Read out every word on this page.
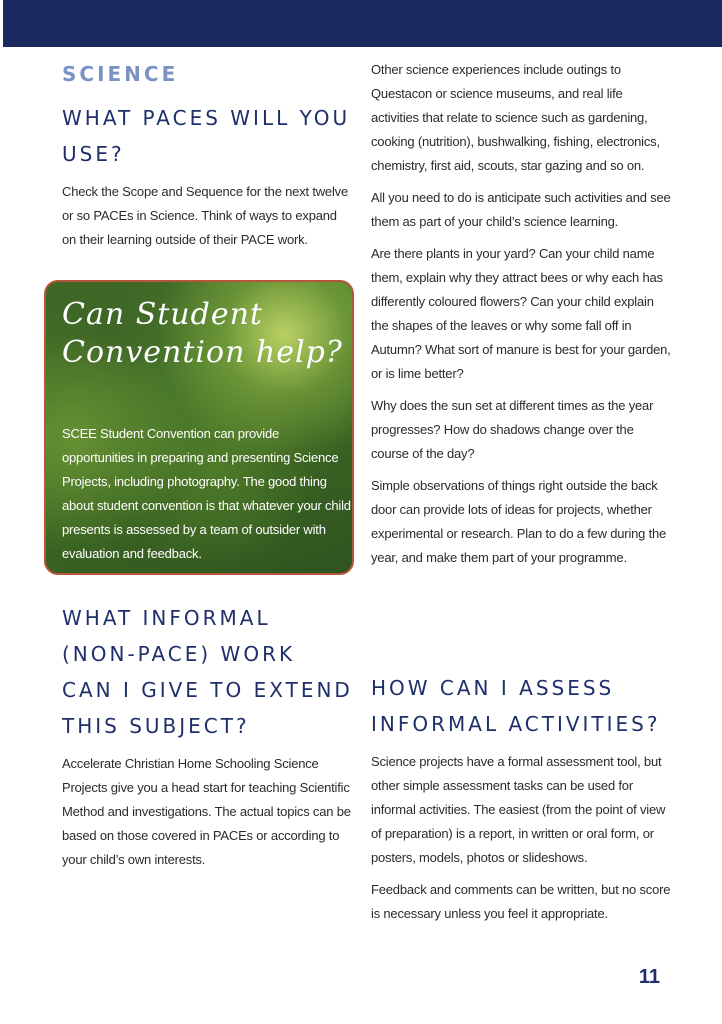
SCIENCE
WHAT PACES WILL YOU USE?

Check the Scope and Sequence for the next twelve or so PACEs in Science. Think of ways to expand on their learning outside of their PACE work.

Can Student Convention help?
SCEE Student Convention can provide opportunities in preparing and presenting Science Projects, including photography. The good thing about student convention is that whatever your child presents is assessed by a team of outsider with evaluation and feedback.
WHAT INFORMAL (NON-PACE) WORK CAN I GIVE TO EXTEND THIS SUBJECT?

Accelerate Christian Home Schooling Science Projects give you a head start for teaching Scientific Method and investigations. The actual topics can be based on those covered in PACEs or according to your child’s own interests.

Other science experiences include outings to Questacon or science museums, and real life activities that relate to science such as gardening, cooking (nutrition), bushwalking, fishing, electronics, chemistry, first aid, scouts, star gazing and so on.

All you need to do is anticipate such activities and see them as part of your child’s science learning.

Are there plants in your yard? Can your child name them, explain why they attract bees or why each has differently coloured flowers? Can your child explain the shapes of the leaves or why some fall off in Autumn? What sort of manure is best for your garden, or is lime better?

Why does the sun set at different times as the year progresses? How do shadows change over the course of the day?

Simple observations of things right outside the back door can provide lots of ideas for projects, whether experimental or research. Plan to do a few during the year, and make them part of your programme.

HOW CAN I ASSESS INFORMAL ACTIVITIES?

Science projects have a formal assessment tool, but other simple assessment tasks can be used for informal activities. The easiest (from the point of view of preparation) is a report, in written or oral form, or posters, models, photos or slideshows.

Feedback and comments can be written, but no score is necessary unless you feel it appropriate.

11
